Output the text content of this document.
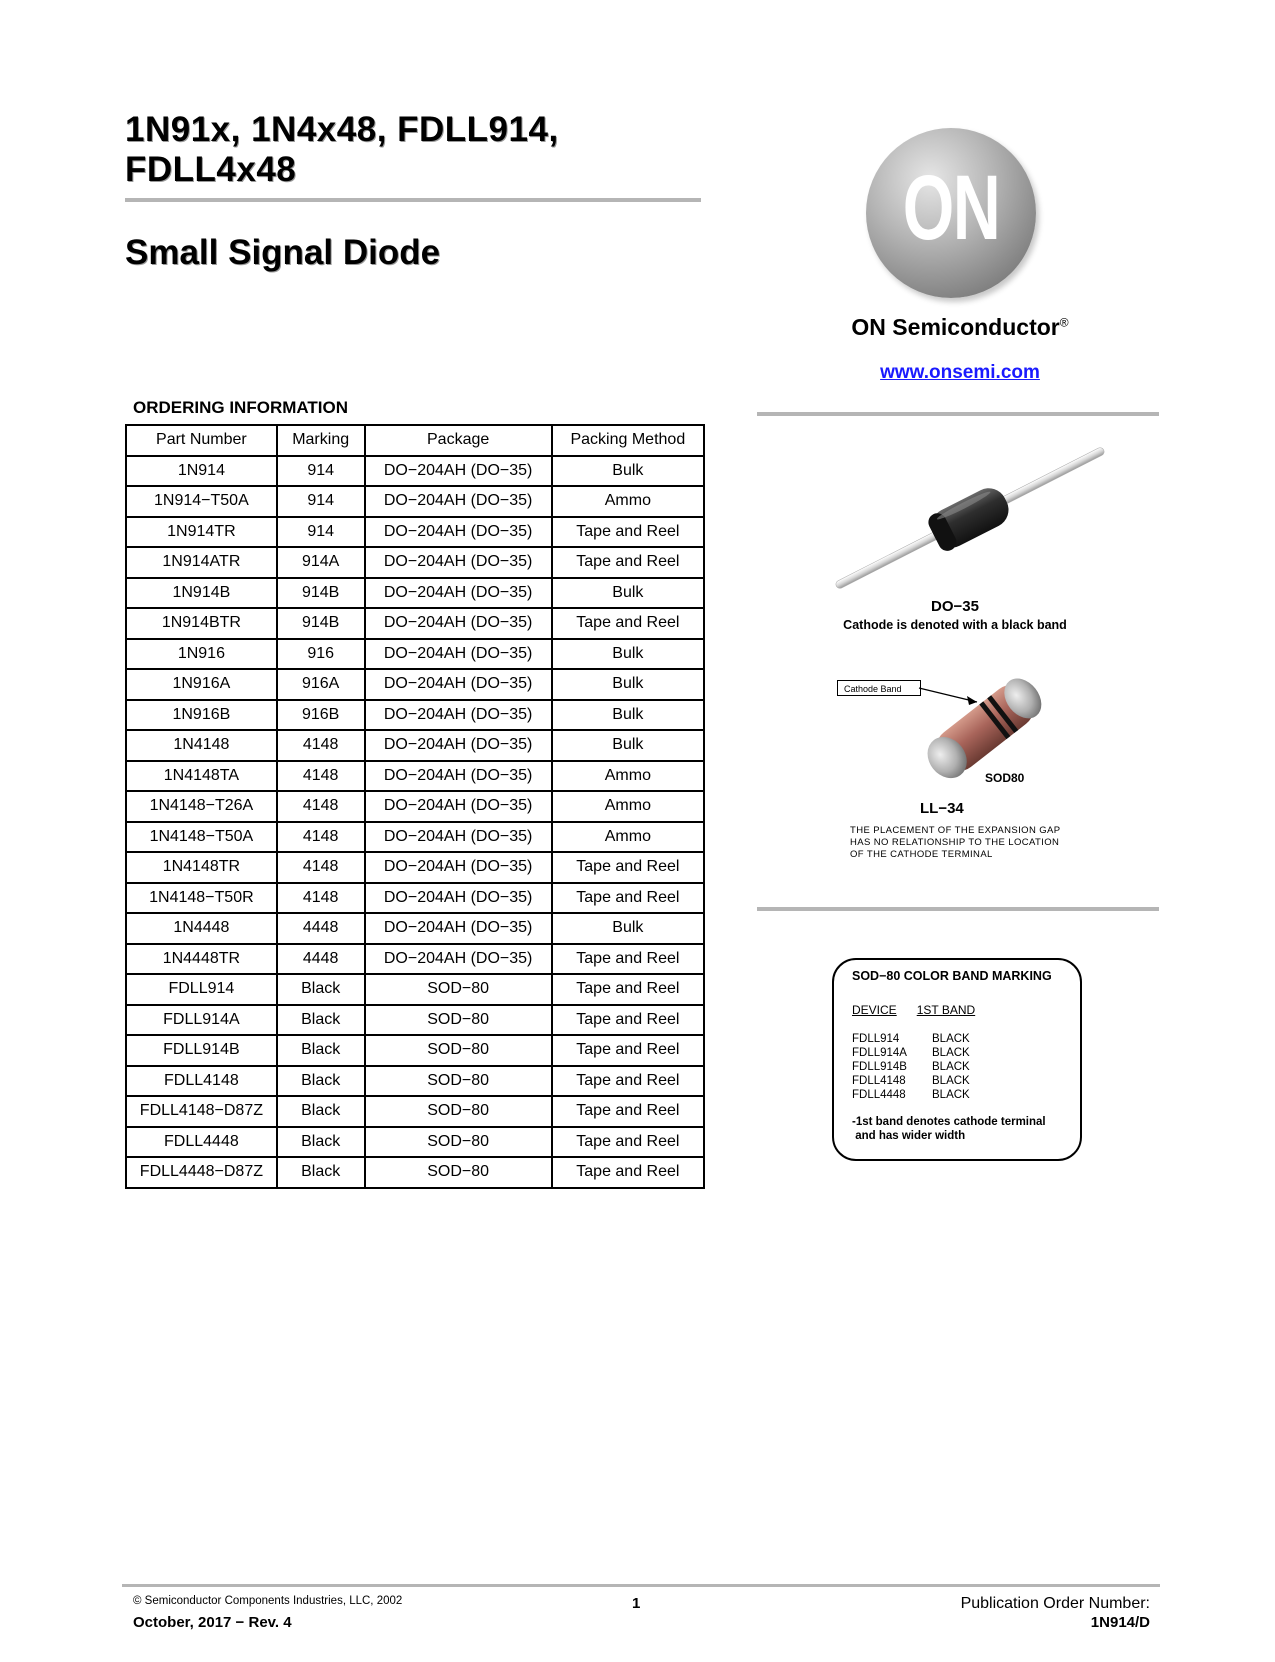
1N91x, 1N4x48, FDLL914, FDLL4x48
Small Signal Diode	ON
ON Semiconductor®
www.onsemi.com
ORDERING INFORMATION
Part Number	Marking	Package	Packing Method
1N914	914	DO−204AH (DO−35)	Bulk
1N914−T50A	914	DO−204AH (DO−35)	Ammo
1N914TR	914	DO−204AH (DO−35)	Tape and Reel
1N914ATR	914A	DO−204AH (DO−35)	Tape and Reel
1N914B	914B	DO−204AH (DO−35)	Bulk
1N914BTR	914B	DO−204AH (DO−35)	Tape and Reel
1N916	916	DO−204AH (DO−35)	Bulk
1N916A	916A	DO−204AH (DO−35)	Bulk
1N916B	916B	DO−204AH (DO−35)	Bulk
1N4148	4148	DO−204AH (DO−35)	Bulk
1N4148TA	4148	DO−204AH (DO−35)	Ammo
1N4148−T26A	4148	DO−204AH (DO−35)	Ammo
1N4148−T50A	4148	DO−204AH (DO−35)	Ammo
1N4148TR	4148	DO−204AH (DO−35)	Tape and Reel
1N4148−T50R	4148	DO−204AH (DO−35)	Tape and Reel
1N4448	4448	DO−204AH (DO−35)	Bulk
1N4448TR	4448	DO−204AH (DO−35)	Tape and Reel
FDLL914	Black	SOD−80	Tape and Reel
FDLL914A	Black	SOD−80	Tape and Reel
FDLL914B	Black	SOD−80	Tape and Reel
FDLL4148	Black	SOD−80	Tape and Reel
FDLL4148−D87Z	Black	SOD−80	Tape and Reel
FDLL4448	Black	SOD−80	Tape and Reel
FDLL4448−D87Z	Black	SOD−80	Tape and Reel
DO−35
Cathode is denoted with a black band
Cathode Band
SOD80
LL−34
THE PLACEMENT OF THE EXPANSION GAP
HAS NO RELATIONSHIP TO THE LOCATION
OF THE CATHODE TERMINAL
SOD−80 COLOR BAND MARKING
DEVICE 1ST BAND
FDLL914	BLACK
FDLL914A	BLACK
FDLL914B	BLACK
FDLL4148	BLACK
FDLL4448	BLACK
-1st band denotes cathode terminal
and has wider width
© Semiconductor Components Industries, LLC, 2002
October, 2017 − Rev. 4
1	Publication Order Number:
1N914/D
